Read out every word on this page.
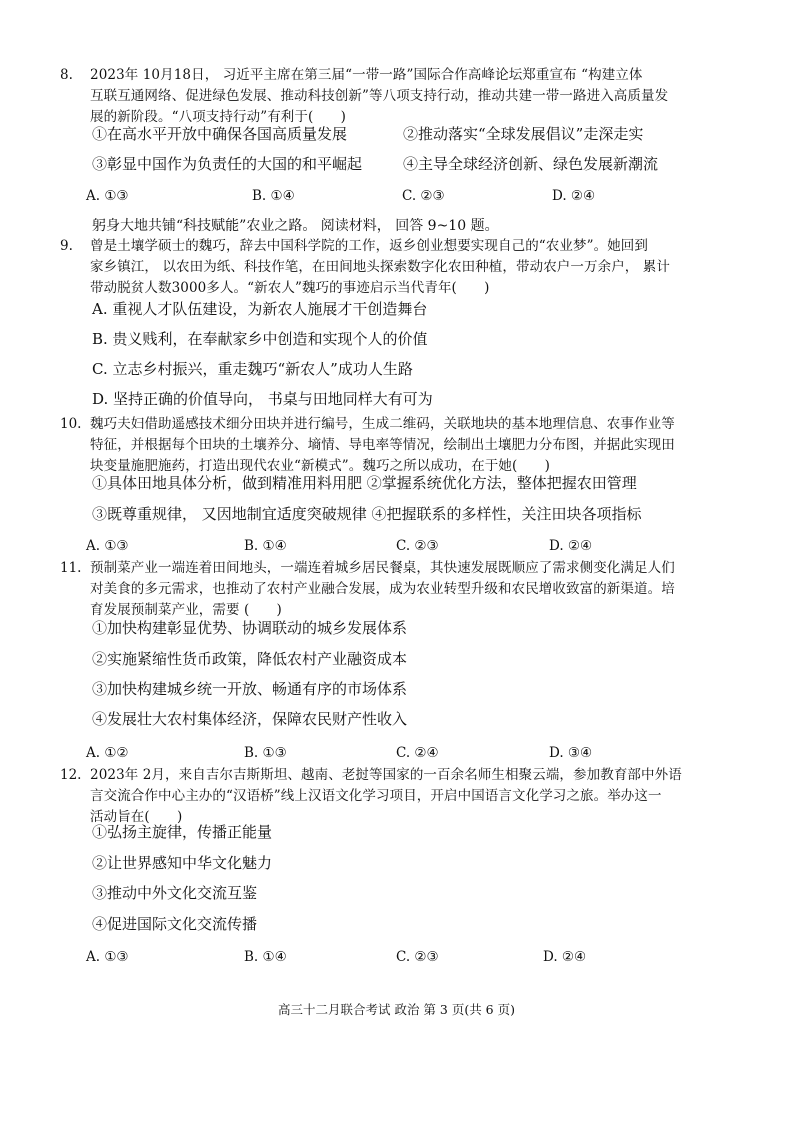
8. 2023年 10月18日， 习近平主席在第三届“一带一路”国际合作高峰论坛郑重宣布 “构建立体
互联互通网络、促进绿色发展、推动科技创新”等八项支持行动，推动共建一带一路进入高质量发
展的新阶段。“八项支持行动”有利于(　　)
①在高水平开放中确保各国高质量发展	②推动落实“全球发展倡议”走深走实
③彰显中国作为负责任的大国的和平崛起	④主导全球经济创新、绿色发展新潮流
A. ①③	B. ①④	C. ②③	D. ②④
躬身大地共铺“科技赋能”农业之路。 阅读材料， 回答 9~10 题。
9. 曾是土壤学硕士的魏巧，辞去中国科学院的工作，返乡创业想要实现自己的“农业梦”。她回到
家乡镇江， 以农田为纸、科技作笔，在田间地头探索数字化农田种植，带动农户一万余户， 累计
带动脱贫人数3000多人。“新农人”魏巧的事迹启示当代青年(　　)
A. 重视人才队伍建设，为新农人施展才干创造舞台
B. 贵义贱利，在奉献家乡中创造和实现个人的价值
C. 立志乡村振兴，重走魏巧“新农人”成功人生路
D. 坚持正确的价值导向， 书桌与田地同样大有可为
10. 魏巧夫妇借助遥感技术细分田块并进行编号，生成二维码，关联地块的基本地理信息、农事作业等
特征，并根据每个田块的土壤养分、墒情、导电率等情况，绘制出土壤肥力分布图，并据此实现田
块变量施肥施药，打造出现代农业“新模式”。魏巧之所以成功，在于她(　　)
①具体田地具体分析，做到精准用料用肥 ②掌握系统优化方法，整体把握农田管理
③既尊重规律， 又因地制宜适度突破规律 ④把握联系的多样性，关注田块各项指标
A. ①③	B. ①④	C. ②③	D. ②④
11. 预制菜产业一端连着田间地头，一端连着城乡居民餐桌，其快速发展既顺应了需求侧变化满足人们
对美食的多元需求，也推动了农村产业融合发展，成为农业转型升级和农民增收致富的新渠道。培
育发展预制菜产业，需要 (　　)
①加快构建彰显优势、协调联动的城乡发展体系
②实施紧缩性货币政策，降低农村产业融资成本
③加快构建城乡统一开放、畅通有序的市场体系
④发展壮大农村集体经济，保障农民财产性收入
A. ①②	B. ①③	C. ②④	D. ③④
12. 2023年 2月，来自吉尔吉斯斯坦、越南、老挝等国家的一百余名师生相聚云端，参加教育部中外语
言交流合作中心主办的“汉语桥”线上汉语文化学习项目，开启中国语言文化学习之旅。举办这一
活动旨在(　　)
①弘扬主旋律，传播正能量
②让世界感知中华文化魅力
③推动中外文化交流互鉴
④促进国际文化交流传播
A. ①③	B. ①④	C. ②③	D. ②④
高三十二月联合考试 政治 第 3 页(共 6 页)
